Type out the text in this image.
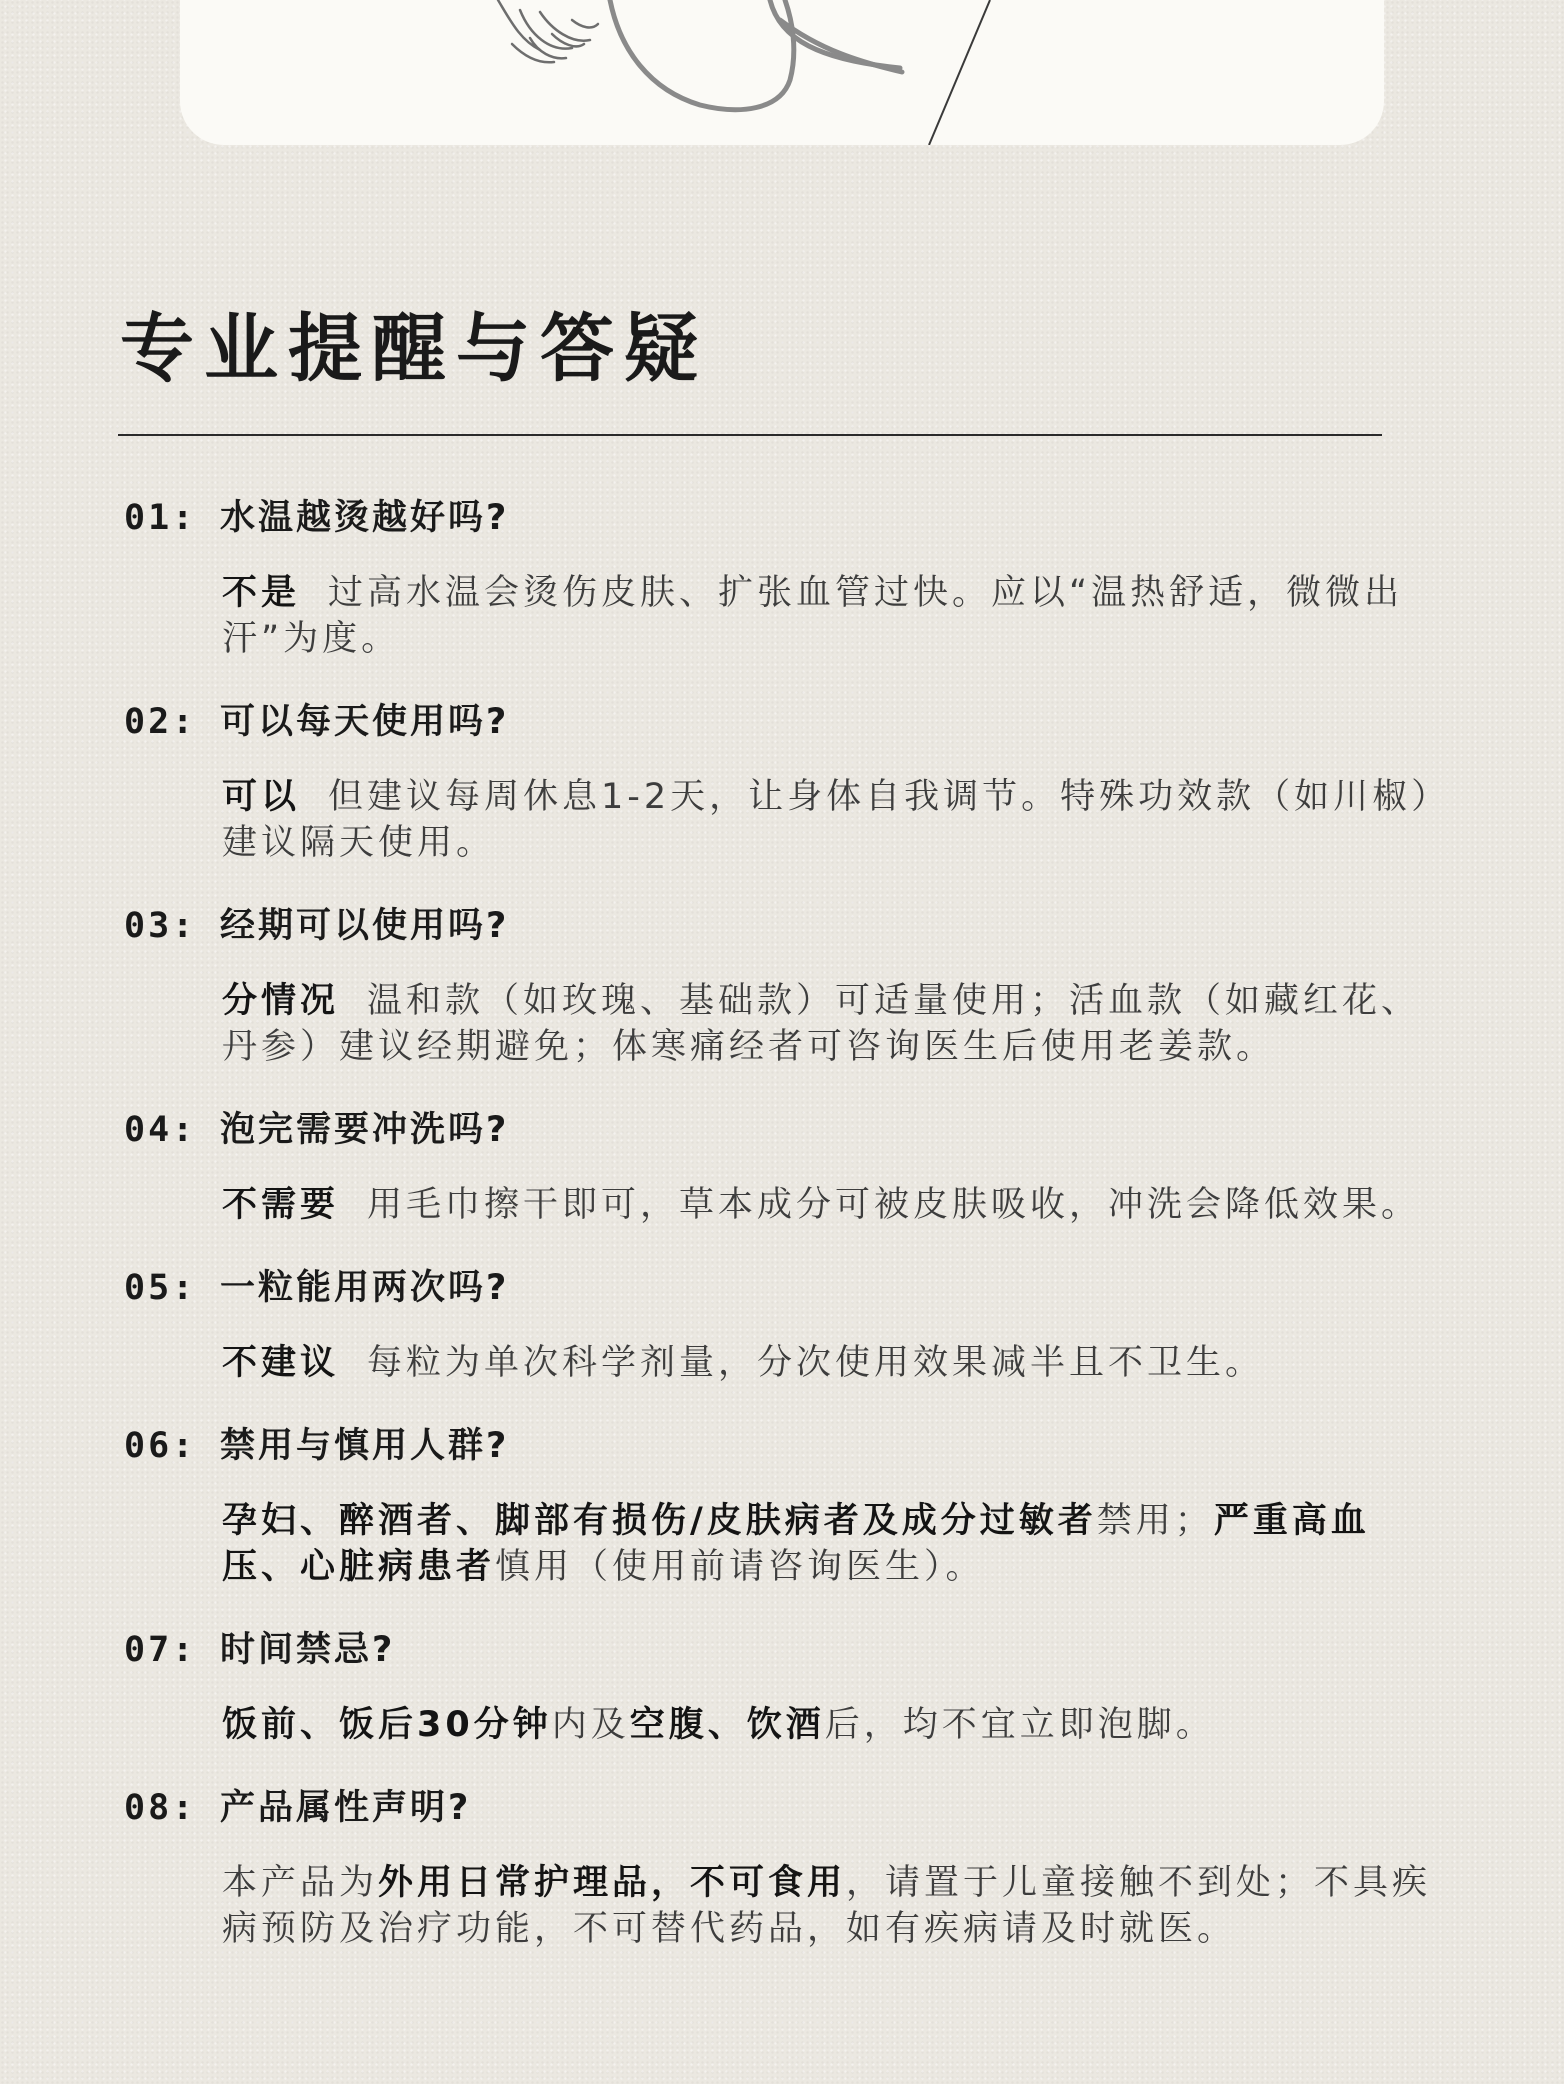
专业提醒与答疑
01: 水温越烫越好吗?
不是 过高水温会烫伤皮肤、扩张血管过快。应以“温热舒适，微微出汗”为度。
02: 可以每天使用吗?
可以 但建议每周休息1-2天，让身体自我调节。特殊功效款（如川椒）建议隔天使用。
03: 经期可以使用吗?
分情况 温和款（如玫瑰、基础款）可适量使用；活血款（如藏红花、丹参）建议经期避免；体寒痛经者可咨询医生后使用老姜款。
04: 泡完需要冲洗吗?
不需要 用毛巾擦干即可，草本成分可被皮肤吸收，冲洗会降低效果。
05: 一粒能用两次吗?
不建议 每粒为单次科学剂量，分次使用效果减半且不卫生。
06: 禁用与慎用人群?
孕妇、醉酒者、脚部有损伤/皮肤病者及成分过敏者禁用；严重高血压、心脏病患者慎用（使用前请咨询医生）。
07: 时间禁忌?
饭前、饭后30分钟内及空腹、饮酒后，均不宜立即泡脚。
08: 产品属性声明?
本产品为外用日常护理品，不可食用，请置于儿童接触不到处；不具疾病预防及治疗功能，不可替代药品，如有疾病请及时就医。
